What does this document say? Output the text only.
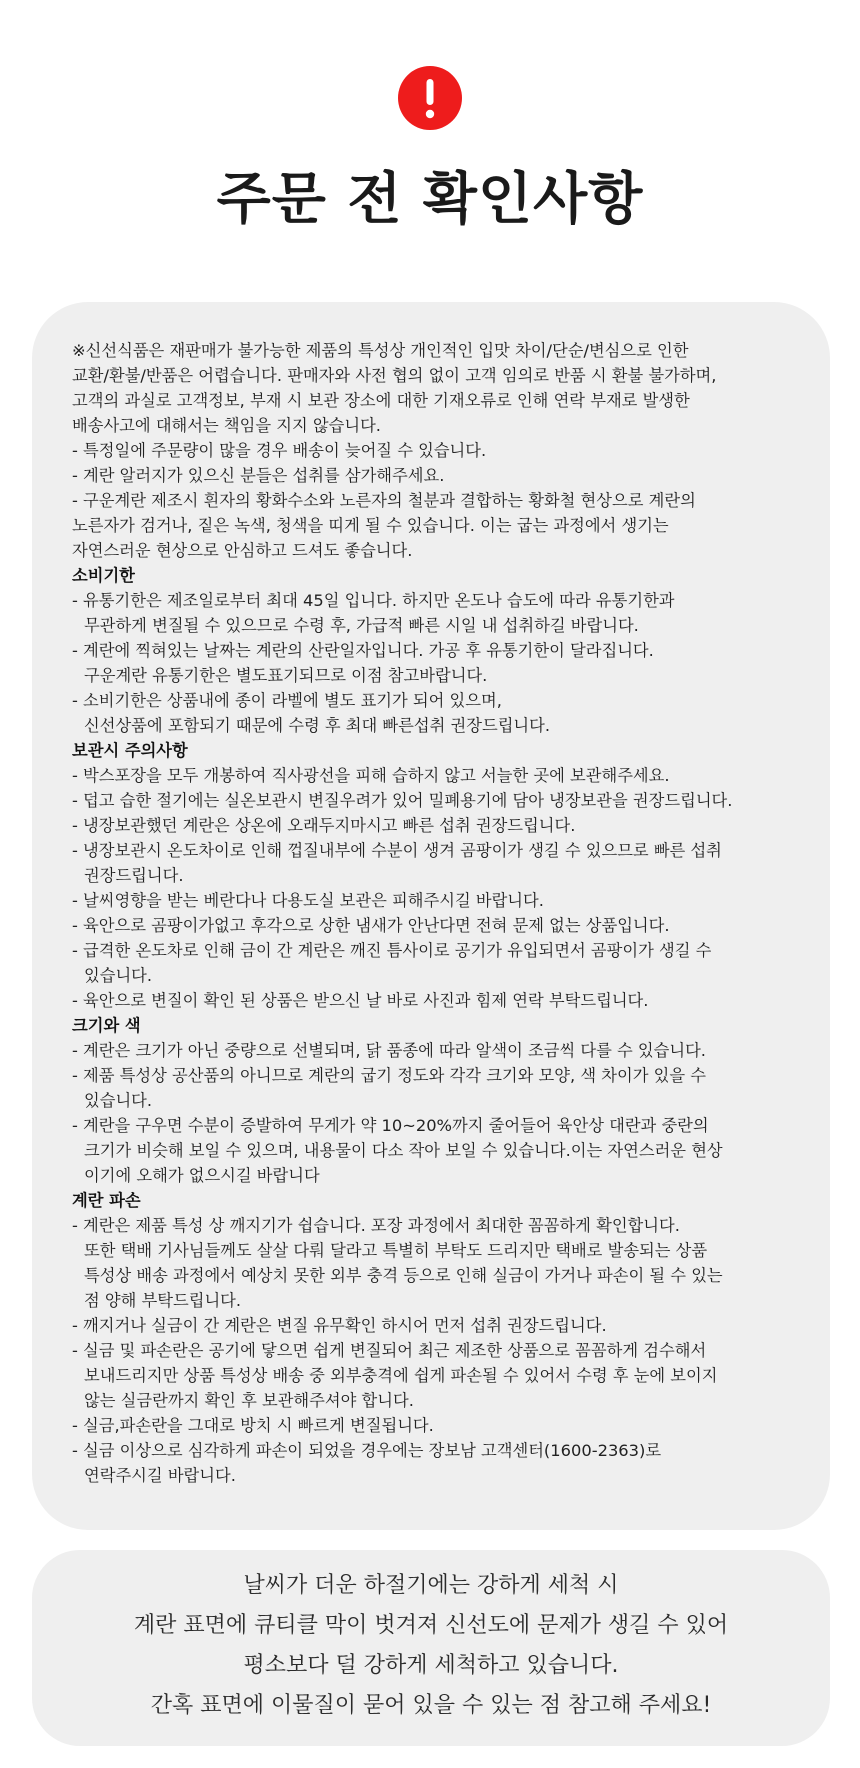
주문 전 확인사항
※신선식품은 재판매가 불가능한 제품의 특성상 개인적인 입맛 차이/단순/변심으로 인한
교환/환불/반품은 어렵습니다. 판매자와 사전 협의 없이 고객 임의로 반품 시 환불 불가하며,
고객의 과실로 고객정보, 부재 시 보관 장소에 대한 기재오류로 인해 연락 부재로 발생한
배송사고에 대해서는 책임을 지지 않습니다.
- 특정일에 주문량이 많을 경우 배송이 늦어질 수 있습니다.
- 계란 알러지가 있으신 분들은 섭취를 삼가해주세요.
- 구운계란 제조시 흰자의 황화수소와 노른자의 철분과 결합하는 황화철 현상으로 계란의
노른자가 검거나, 짙은 녹색, 청색을 띠게 될 수 있습니다. 이는 굽는 과정에서 생기는
자연스러운 현상으로 안심하고 드셔도 좋습니다.
소비기한
- 유통기한은 제조일로부터 최대 45일 입니다. 하지만 온도나 습도에 따라 유통기한과
무관하게 변질될 수 있으므로 수령 후, 가급적 빠른 시일 내 섭취하길 바랍니다.
- 계란에 찍혀있는 날짜는 계란의 산란일자입니다. 가공 후 유통기한이 달라집니다.
구운계란 유통기한은 별도표기되므로 이점 참고바랍니다.
- 소비기한은 상품내에 종이 라벨에 별도 표기가 되어 있으며,
신선상품에 포함되기 때문에 수령 후 최대 빠른섭취 권장드립니다.
보관시 주의사항
- 박스포장을 모두 개봉하여 직사광선을 피해 습하지 않고 서늘한 곳에 보관해주세요.
- 덥고 습한 절기에는 실온보관시 변질우려가 있어 밀폐용기에 담아 냉장보관을 권장드립니다.
- 냉장보관했던 계란은 상온에 오래두지마시고 빠른 섭취 권장드립니다.
- 냉장보관시 온도차이로 인해 껍질내부에 수분이 생겨 곰팡이가 생길 수 있으므로 빠른 섭취
권장드립니다.
- 날씨영향을 받는 베란다나 다용도실 보관은 피해주시길 바랍니다.
- 육안으로 곰팡이가없고 후각으로 상한 냄새가 안난다면 전혀 문제 없는 상품입니다.
- 급격한 온도차로 인해 금이 간 계란은 깨진 틈사이로 공기가 유입되면서 곰팡이가 생길 수
있습니다.
- 육안으로 변질이 확인 된 상품은 받으신 날 바로 사진과 힘제 연락 부탁드립니다.
크기와 색
- 계란은 크기가 아닌 중량으로 선별되며, 닭 품종에 따라 알색이 조금씩 다를 수 있습니다.
- 제품 특성상 공산품의 아니므로 계란의 굽기 정도와 각각 크기와 모양, 색 차이가 있을 수
있습니다.
- 계란을 구우면 수분이 증발하여 무게가 약 10~20%까지 줄어들어 육안상 대란과 중란의
크기가 비슷해 보일 수 있으며, 내용물이 다소 작아 보일 수 있습니다.이는 자연스러운 현상
이기에 오해가 없으시길 바랍니다
계란 파손
- 계란은 제품 특성 상 깨지기가 쉽습니다. 포장 과정에서 최대한 꼼꼼하게 확인합니다.
또한 택배 기사님들께도 살살 다뤄 달라고 특별히 부탁도 드리지만 택배로 발송되는 상품
특성상 배송 과정에서 예상치 못한 외부 충격 등으로 인해 실금이 가거나 파손이 될 수 있는
점 양해 부탁드립니다.
- 깨지거나 실금이 간 계란은 변질 유무확인 하시어 먼저 섭취 권장드립니다.
- 실금 및 파손란은 공기에 닿으면 쉽게 변질되어 최근 제조한 상품으로 꼼꼼하게 검수해서
보내드리지만 상품 특성상 배송 중 외부충격에 쉽게 파손될 수 있어서 수령 후 눈에 보이지
않는 실금란까지 확인 후 보관해주셔야 합니다.
- 실금,파손란을 그대로 방치 시 빠르게 변질됩니다.
- 실금 이상으로 심각하게 파손이 되었을 경우에는 장보남 고객센터(1600-2363)로
연락주시길 바랍니다.
날씨가 더운 하절기에는 강하게 세척 시
계란 표면에 큐티클 막이 벗겨져 신선도에 문제가 생길 수 있어
평소보다 덜 강하게 세척하고 있습니다.
간혹 표면에 이물질이 묻어 있을 수 있는 점 참고해 주세요!
